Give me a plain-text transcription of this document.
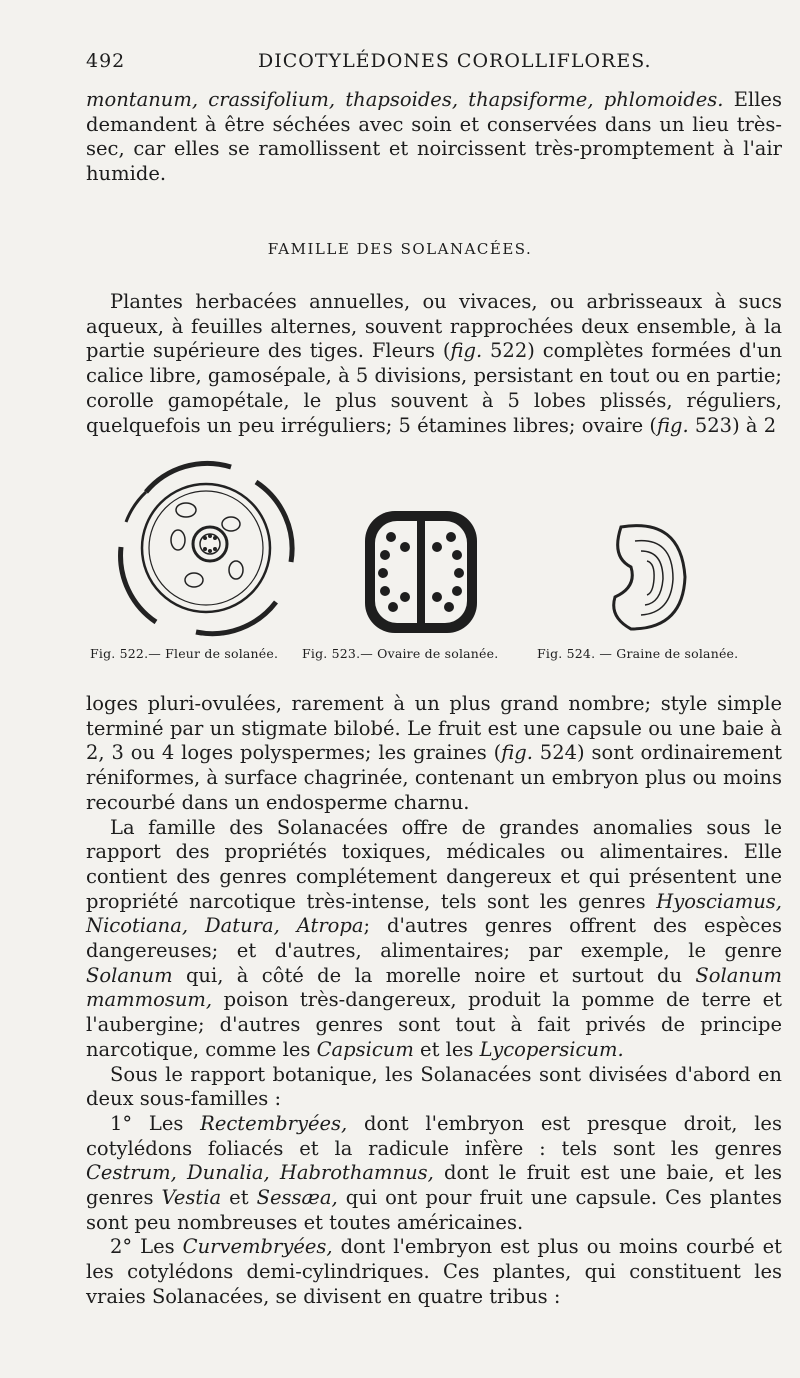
492	DICOTYLÉDONES COROLLIFLORES.

montanum, crassifolium, thapsoides, thapsiforme, phlomoides. Elles demandent à être séchées avec soin et conservées dans un lieu très-sec, car elles se ramollissent et noircissent très-promptement à l'air humide.

FAMILLE DES SOLANACÉES.

Plantes herbacées annuelles, ou vivaces, ou arbrisseaux à sucs aqueux, à feuilles alternes, souvent rapprochées deux ensemble, à la partie supérieure des tiges. Fleurs (fig. 522) complètes formées d'un calice libre, gamosépale, à 5 divisions, persistant en tout ou en partie; corolle gamopétale, le plus souvent à 5 lobes plissés, réguliers, quelquefois un peu irréguliers; 5 étamines libres; ovaire (fig. 523) à 2

Fig. 522.— Fleur de solanée. Fig. 523.— Ovaire de solanée.	Fig. 524. — Graine de solanée.

loges pluri-ovulées, rarement à un plus grand nombre; style simple terminé par un stigmate bilobé. Le fruit est une capsule ou une baie à 2, 3 ou 4 loges polyspermes; les graines (fig. 524) sont ordinairement réniformes, à surface chagrinée, contenant un embryon plus ou moins recourbé dans un endosperme charnu.

La famille des Solanacées offre de grandes anomalies sous le rapport des propriétés toxiques, médicales ou alimentaires. Elle contient des genres complétement dangereux et qui présentent une propriété narcotique très-intense, tels sont les genres Hyosciamus, Nicotiana, Datura, Atropa; d'autres genres offrent des espèces dangereuses; et d'autres, alimentaires; par exemple, le genre Solanum qui, à côté de la morelle noire et surtout du Solanum mammosum, poison très-dangereux, produit la pomme de terre et l'aubergine; d'autres genres sont tout à fait privés de principe narcotique, comme les Capsicum et les Lycopersicum.

Sous le rapport botanique, les Solanacées sont divisées d'abord en deux sous-familles :

1° Les Rectembryées, dont l'embryon est presque droit, les cotylédons foliacés et la radicule infère : tels sont les genres Cestrum, Dunalia, Habrothamnus, dont le fruit est une baie, et les genres Vestia et Sessæa, qui ont pour fruit une capsule. Ces plantes sont peu nombreuses et toutes américaines.

2° Les Curvembryées, dont l'embryon est plus ou moins courbé et les cotylédons demi-cylindriques. Ces plantes, qui constituent les vraies Solanacées, se divisent en quatre tribus :
